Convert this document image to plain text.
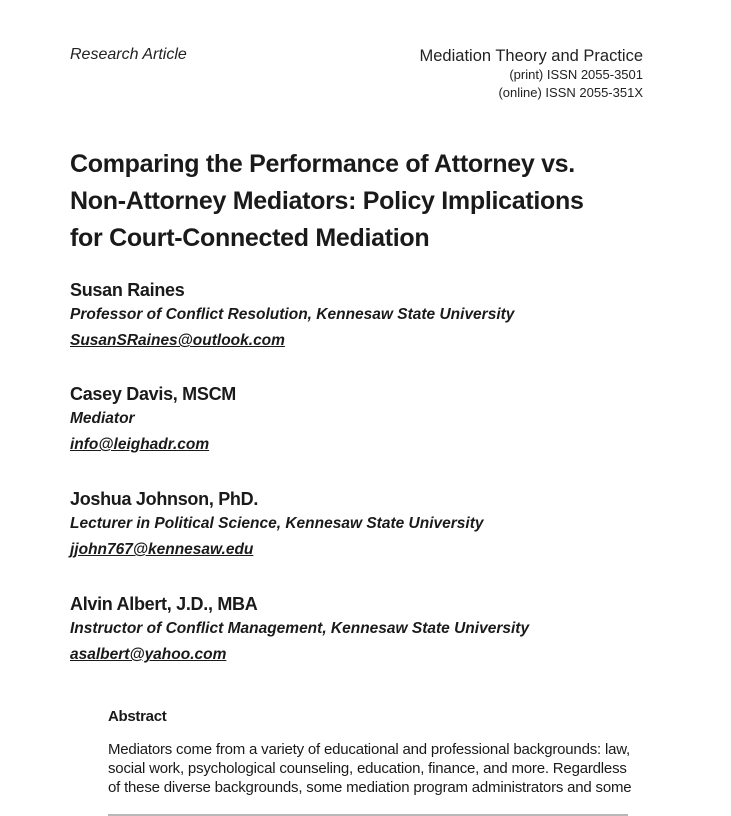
Research Article	Mediation Theory and Practice
(print) ISSN 2055-3501
(online) ISSN 2055-351X
Comparing the Performance of Attorney vs.
Non-Attorney Mediators: Policy Implications
for Court-Connected Mediation
Susan Raines
Professor of Conflict Resolution, Kennesaw State University
SusanSRaines@outlook.com
Casey Davis, MSCM
Mediator
info@leighadr.com
Joshua Johnson, PhD.
Lecturer in Political Science, Kennesaw State University
jjohn767@kennesaw.edu
Alvin Albert, J.D., MBA
Instructor of Conflict Management, Kennesaw State University
asalbert@yahoo.com
Abstract
Mediators come from a variety of educational and professional backgrounds: law,
social work, psychological counseling, education, finance, and more. Regardless
of these diverse backgrounds, some mediation program administrators and some
